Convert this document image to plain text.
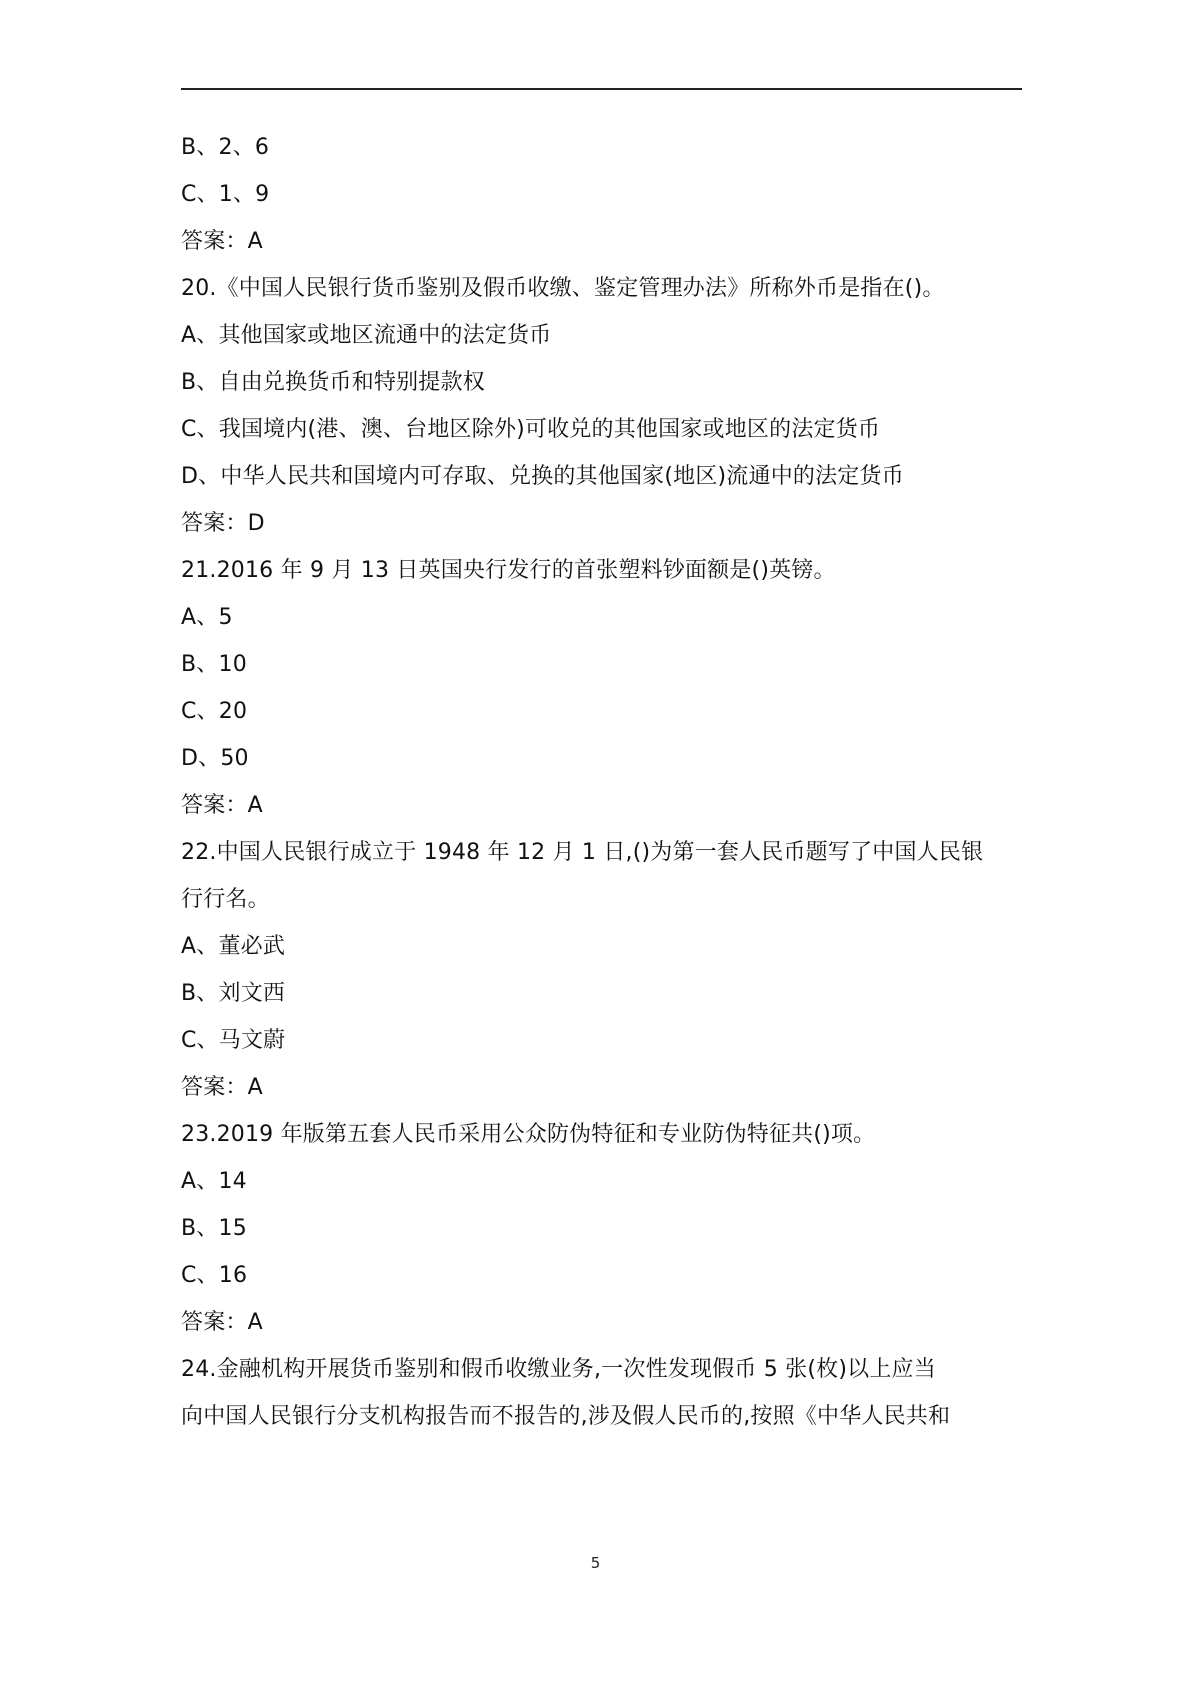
B、2、6
C、1、9
答案：A
20.《中国人民银行货币鉴别及假币收缴、鉴定管理办法》所称外币是指在()。
A、其他国家或地区流通中的法定货币
B、自由兑换货币和特别提款权
C、我国境内(港、澳、台地区除外)可收兑的其他国家或地区的法定货币
D、中华人民共和国境内可存取、兑换的其他国家(地区)流通中的法定货币
答案：D
21.2016 年 9 月 13 日英国央行发行的首张塑料钞面额是()英镑。
A、5
B、10
C、20
D、50
答案：A
22.中国人民银行成立于 1948 年 12 月 1 日,()为第一套人民币题写了中国人民银
行行名。
A、董必武
B、刘文西
C、马文蔚
答案：A
23.2019 年版第五套人民币采用公众防伪特征和专业防伪特征共()项。
A、14
B、15
C、16
答案：A
24.金融机构开展货币鉴别和假币收缴业务,一次性发现假币 5 张(枚)以上应当
向中国人民银行分支机构报告而不报告的,涉及假人民币的,按照《中华人民共和
5
